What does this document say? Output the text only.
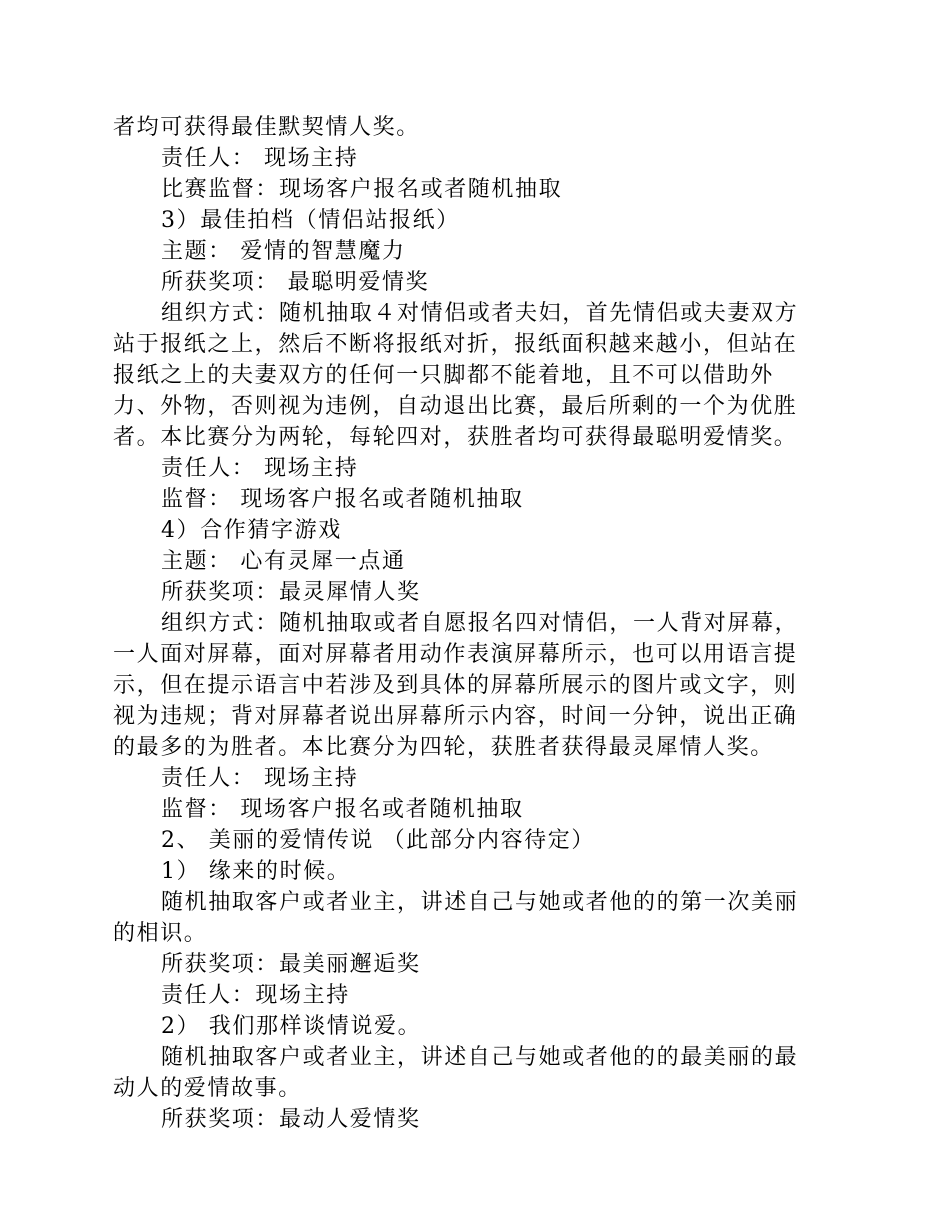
者均可获得最佳默契情人奖。

责任人： 现场主持

比赛监督：现场客户报名或者随机抽取

3）最佳拍档（情侣站报纸）

主题： 爱情的智慧魔力

所获奖项： 最聪明爱情奖

组织方式：随机抽取４对情侣或者夫妇，首先情侣或夫妻双方站于报纸之上，然后不断将报纸对折，报纸面积越来越小，但站在报纸之上的夫妻双方的任何一只脚都不能着地，且不可以借助外力、外物，否则视为违例，自动退出比赛，最后所剩的一个为优胜者。本比赛分为两轮，每轮四对，获胜者均可获得最聪明爱情奖。

责任人： 现场主持

监督： 现场客户报名或者随机抽取

4）合作猜字游戏

主题： 心有灵犀一点通

所获奖项：最灵犀情人奖

组织方式：随机抽取或者自愿报名四对情侣，一人背对屏幕，一人面对屏幕，面对屏幕者用动作表演屏幕所示，也可以用语言提示，但在提示语言中若涉及到具体的屏幕所展示的图片或文字，则视为违规；背对屏幕者说出屏幕所示内容，时间一分钟，说出正确的最多的为胜者。本比赛分为四轮，获胜者获得最灵犀情人奖。

责任人： 现场主持

监督： 现场客户报名或者随机抽取

2、 美丽的爱情传说 （此部分内容待定）

1） 缘来的时候。

随机抽取客户或者业主，讲述自己与她或者他的的第一次美丽的相识。

所获奖项：最美丽邂逅奖

责任人：现场主持

2） 我们那样谈情说爱。

随机抽取客户或者业主，讲述自己与她或者他的的最美丽的最动人的爱情故事。

所获奖项：最动人爱情奖
